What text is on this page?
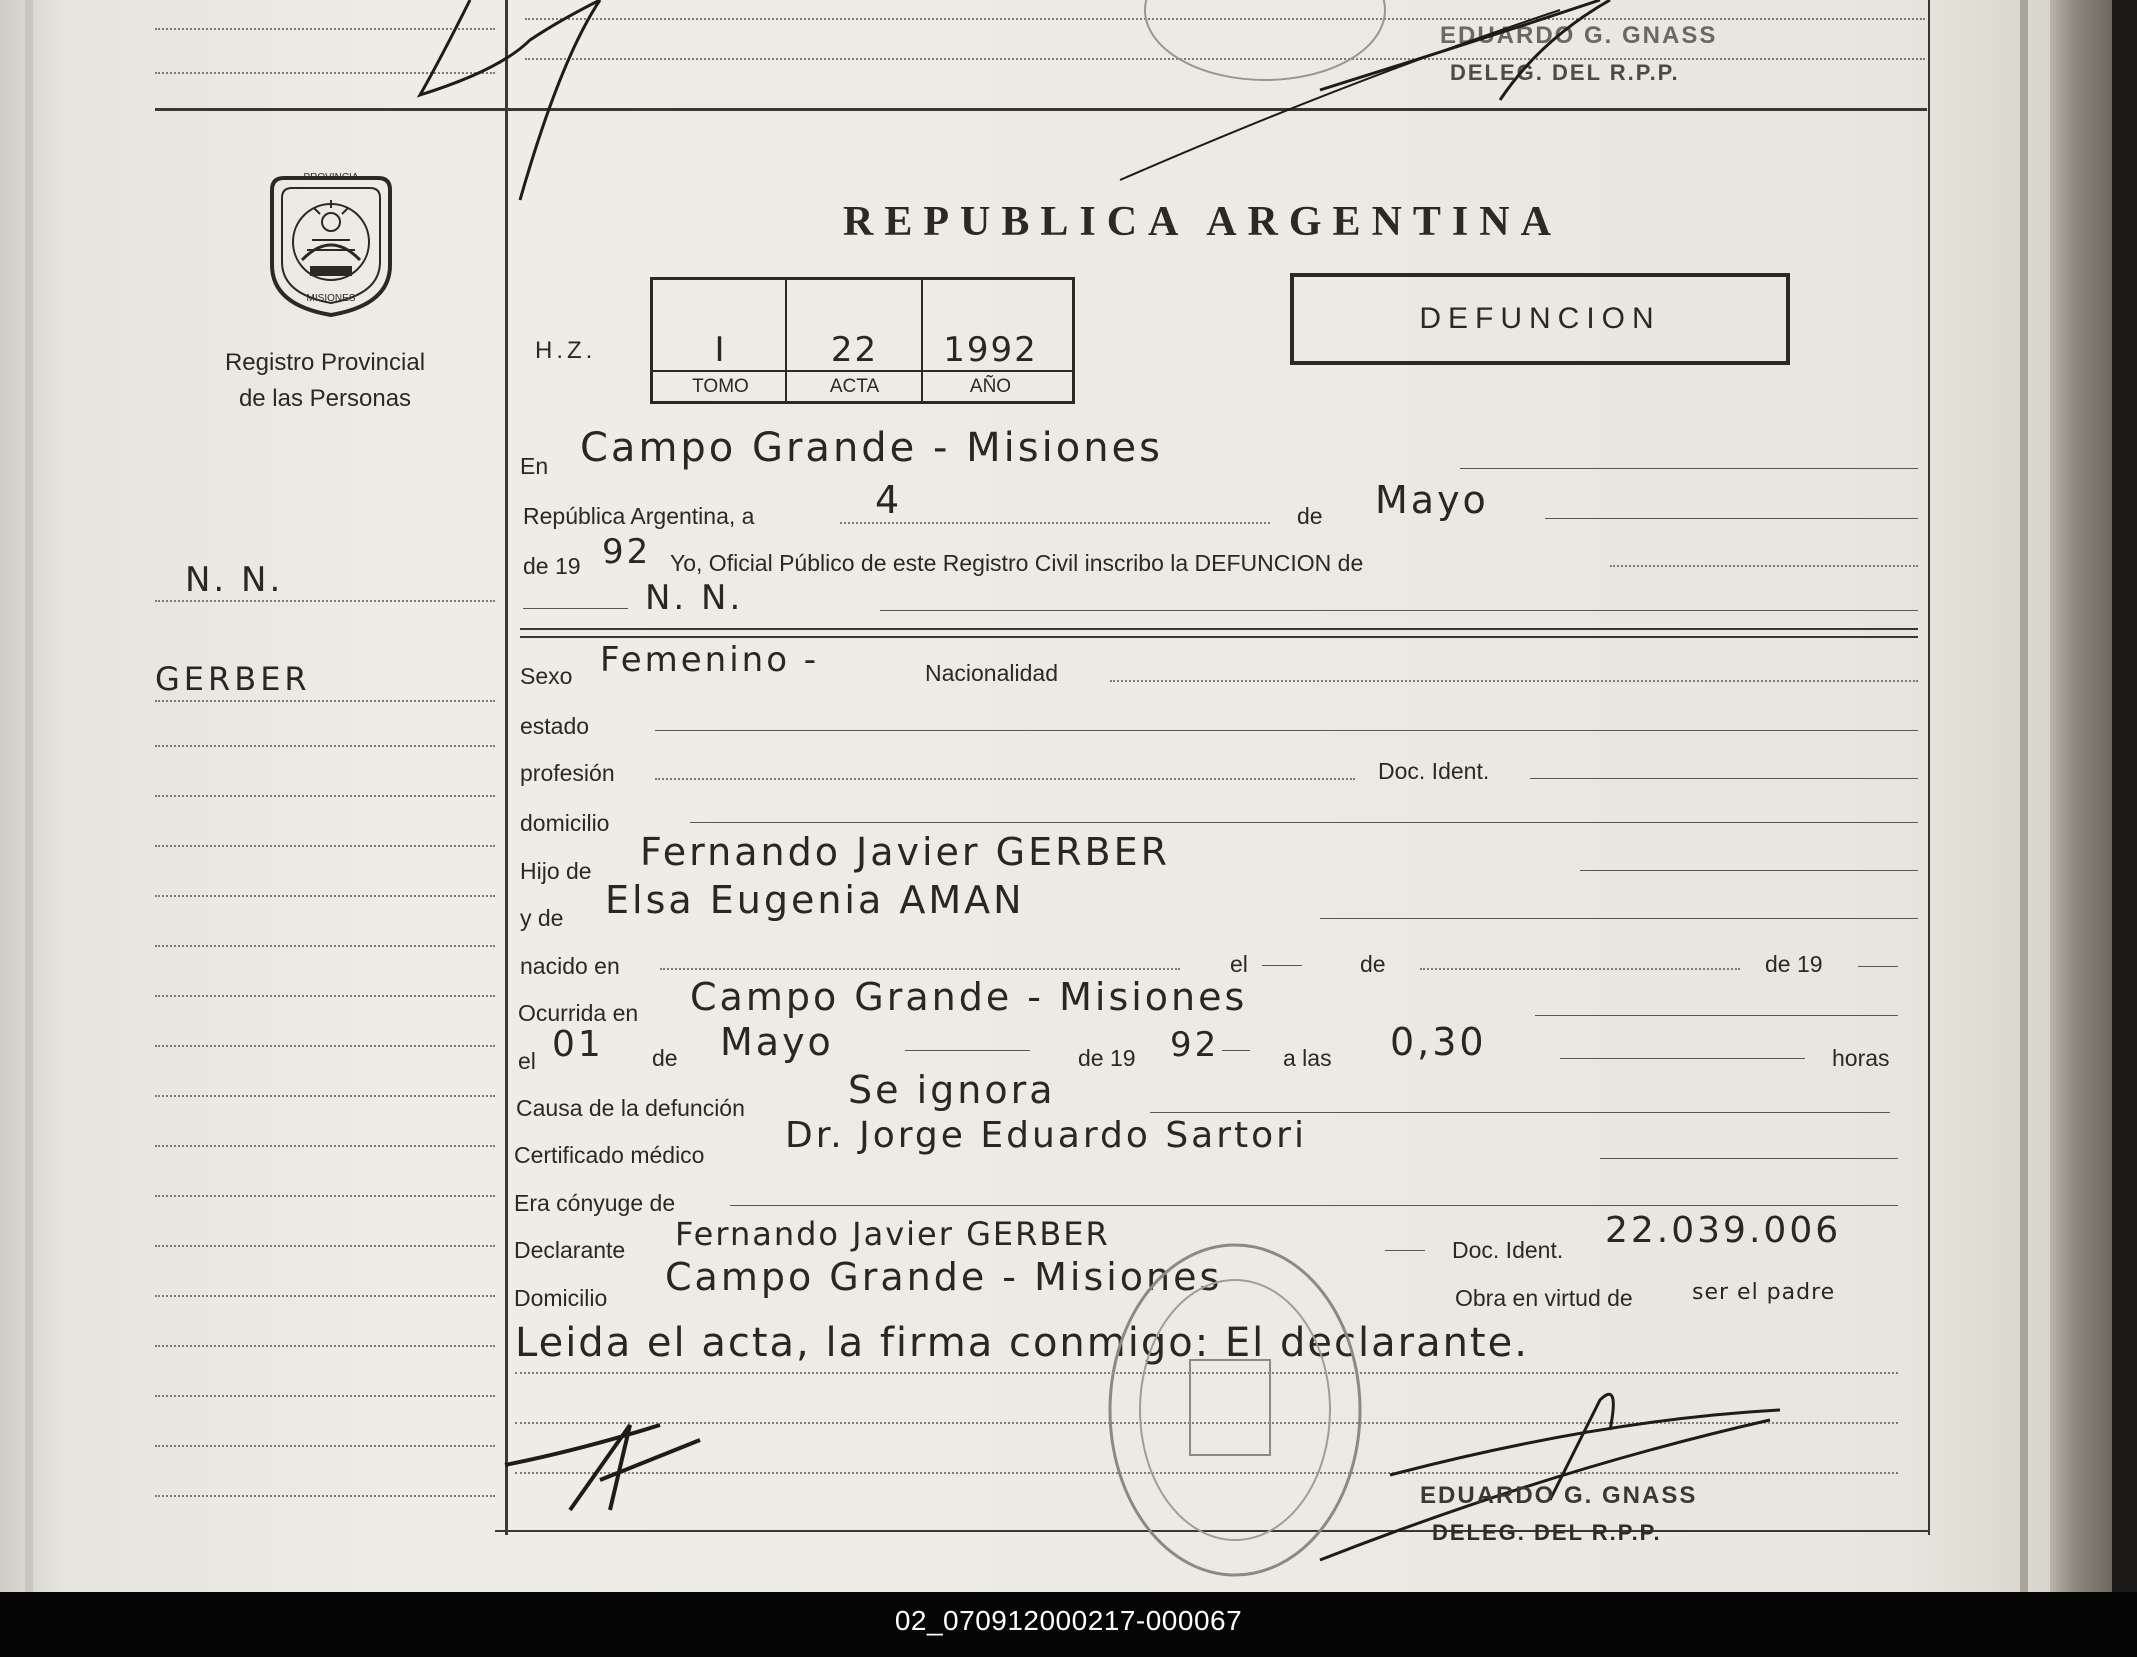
EDUARDO G. GNASS
DELEG. DEL R.P.P.
PROVINCIA
MISIONES
Registro Provincial
de las Personas
N. N.
GERBER
REPUBLICA ARGENTINA
H.Z.	I	22	1992
TOMO	ACTA	AÑO
DEFUNCION
En Campo Grande - Misiones
República Argentina, a	4	de Mayo
de 19 92 Yo, Oficial Público de este Registro Civil inscribo la DEFUNCION de
N. N.
Sexo Femenino -	Nacionalidad
estado
profesión	Doc. Ident.
domicilio
Hijo de Fernando Javier GERBER
y de Elsa Eugenia AMAN
nacido en	el	de	de 19
Ocurrida en Campo Grande - Misiones
el 01 de Mayo	de 19 92	a las 0,30	horas
Causa de la defunción	Se ignora
Certificado médico Dr. Jorge Eduardo Sartori
Era cónyuge de
Declarante Fernando Javier GERBER	Doc. Ident. 22.039.006
Domicilio Campo Grande - Misiones	Obra en virtud de	ser el padre
Leida el acta, la firma conmigo: El declarante.
EDUARDO G. GNASS
DELEG. DEL R.P.P.
02_070912000217-000067
